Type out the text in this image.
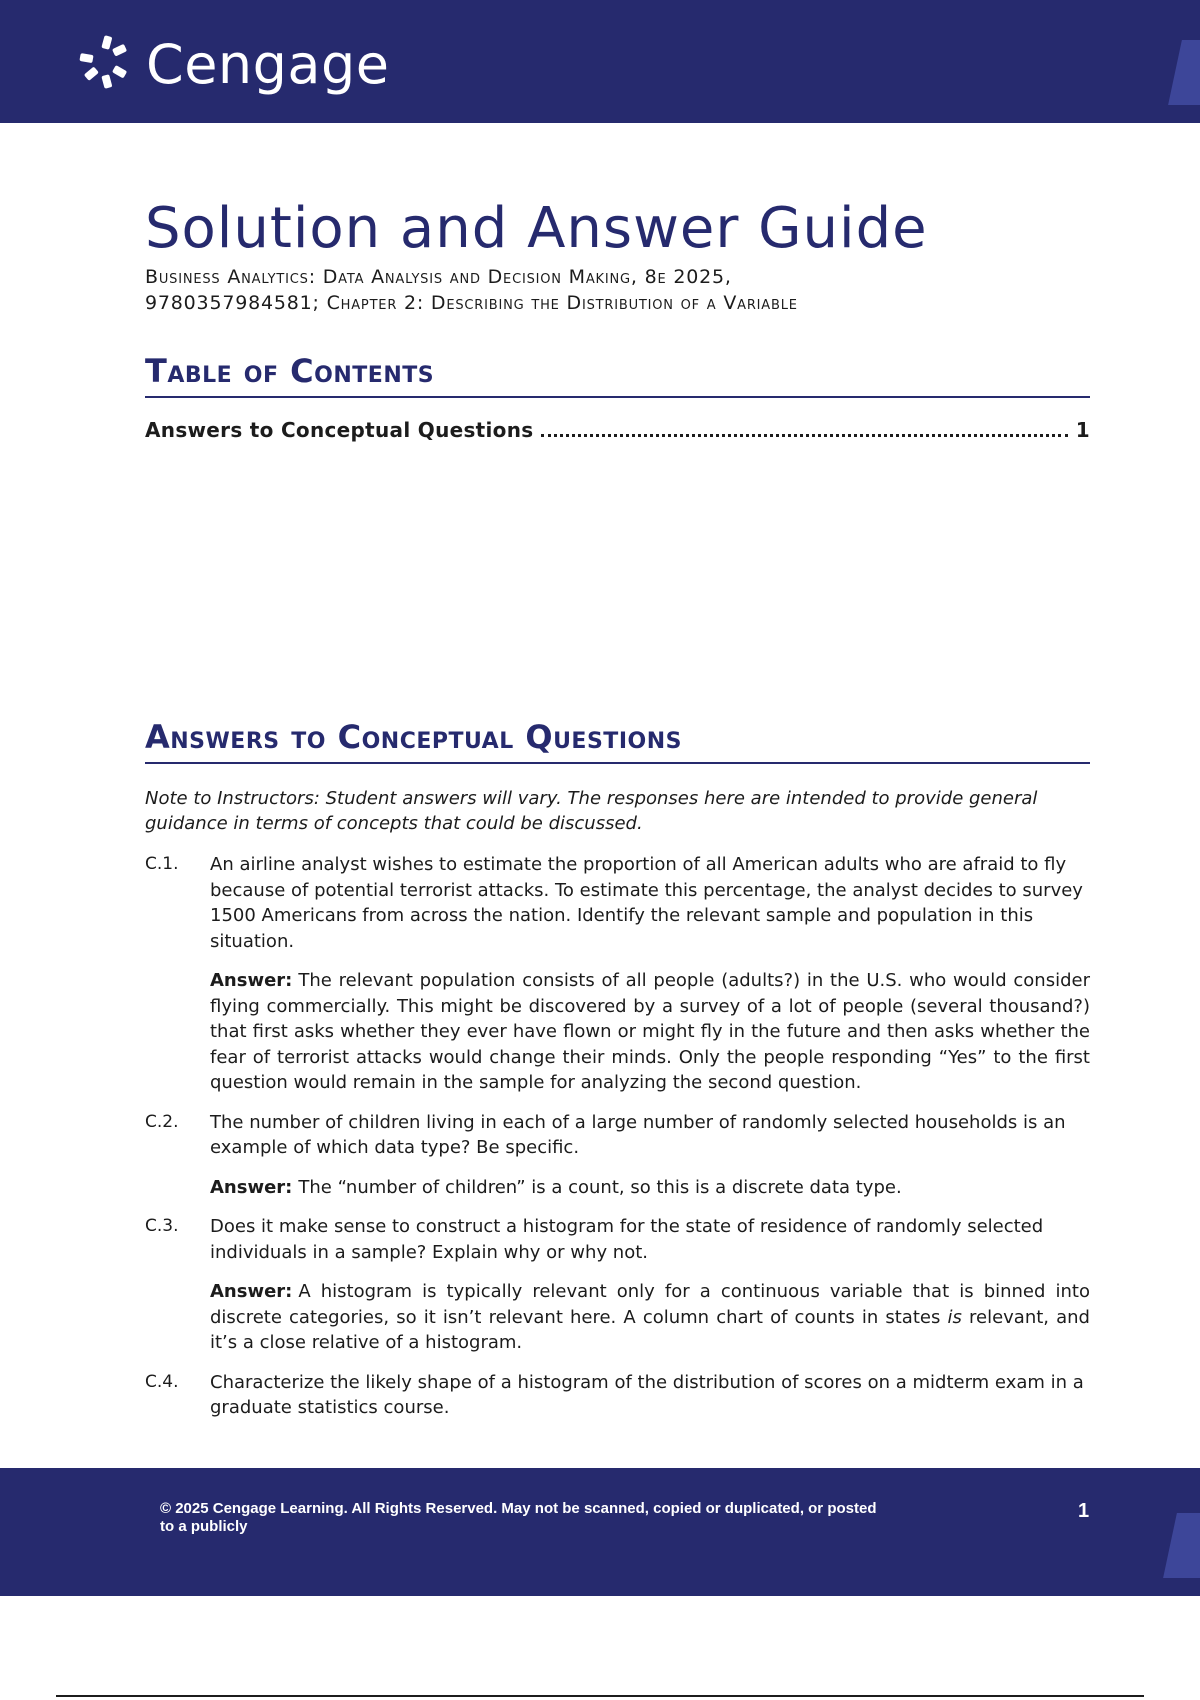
Cengage
Solution and Answer Guide

Business Analytics: Data Analysis and Decision Making, 8e 2025,
9780357984581; Chapter 2: Describing the Distribution of a Variable

Table of Contents
Answers to Conceptual Questions	1
Answers to Conceptual Questions

Note to Instructors: Student answers will vary. The responses here are intended to provide general guidance in terms of concepts that could be discussed.

C.1.	An airline analyst wishes to estimate the proportion of all American adults who are afraid to fly because of potential terrorist attacks. To estimate this percentage, the analyst decides to survey 1500 Americans from across the nation. Identify the relevant sample and population in this situation.

Answer: The relevant population consists of all people (adults?) in the U.S. who would consider flying commercially. This might be discovered by a survey of a lot of people (several thousand?) that first asks whether they ever have flown or might fly in the future and then asks whether the fear of terrorist attacks would change their minds. Only the people responding “Yes” to the first question would remain in the sample for analyzing the second question.

C.2.	The number of children living in each of a large number of randomly selected households is an example of which data type? Be specific.

Answer: The “number of children” is a count, so this is a discrete data type.

C.3.	Does it make sense to construct a histogram for the state of residence of randomly selected individuals in a sample? Explain why or why not.

Answer: A histogram is typically relevant only for a continuous variable that is binned into discrete categories, so it isn’t relevant here. A column chart of counts in states is relevant, and it’s a close relative of a histogram.

C.4.	Characterize the likely shape of a histogram of the distribution of scores on a midterm exam in a graduate statistics course.

© 2025 Cengage Learning. All Rights Reserved. May not be scanned, copied or duplicated, or posted to a publicly

1
